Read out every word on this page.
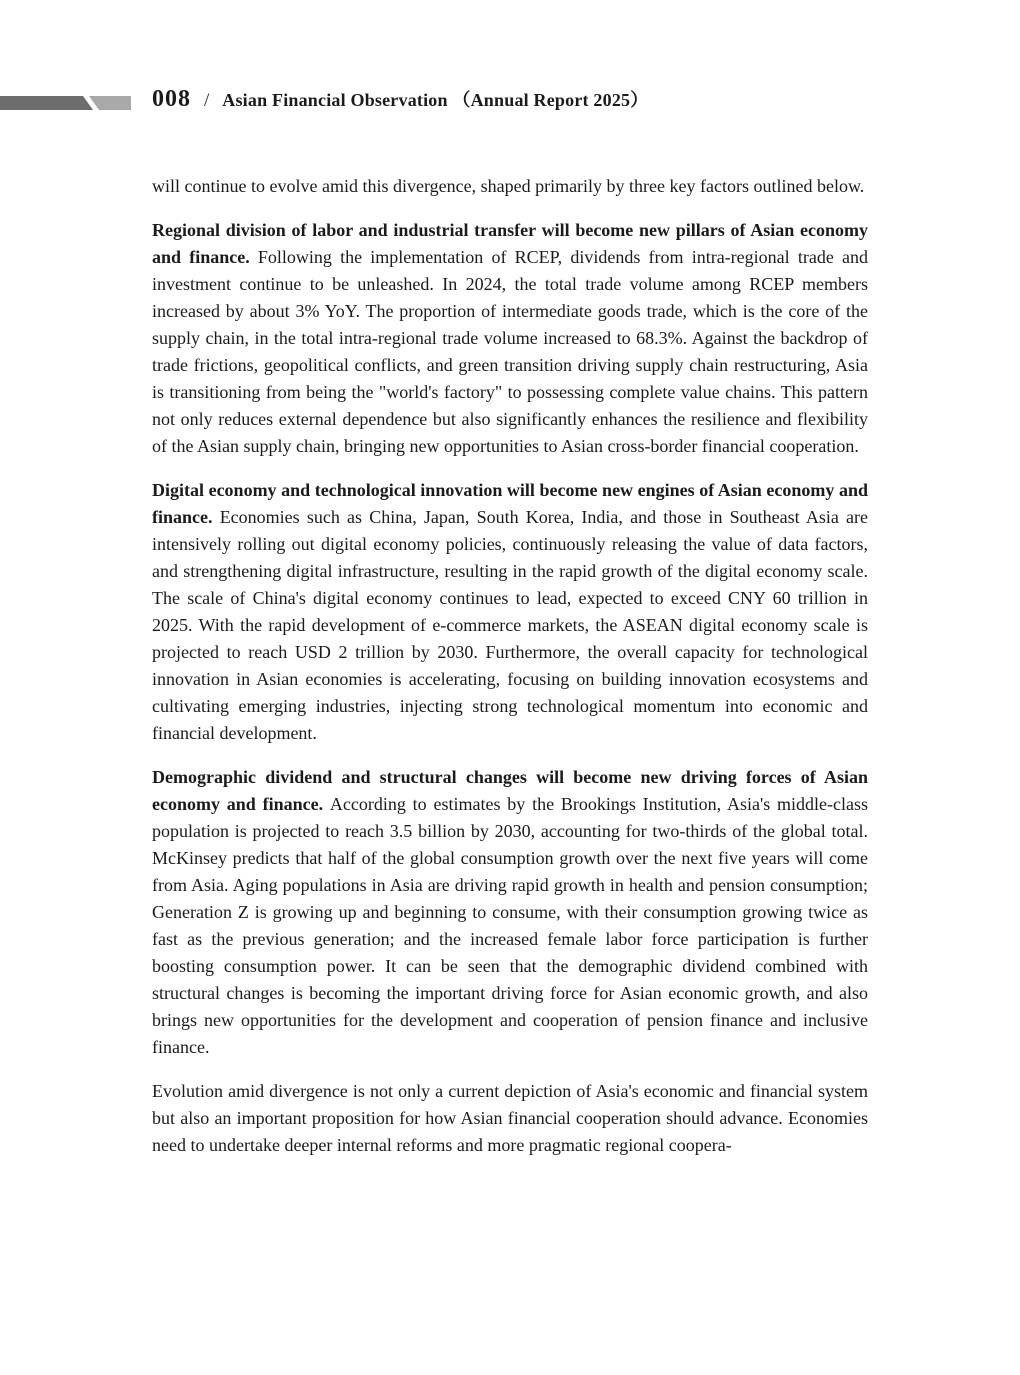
008 / Asian Financial Observation （Annual Report 2025）

will continue to evolve amid this divergence, shaped primarily by three key factors outlined below.

Regional division of labor and industrial transfer will become new pillars of Asian economy and finance. Following the implementation of RCEP, dividends from intra-regional trade and investment continue to be unleashed. In 2024, the total trade volume among RCEP members increased by about 3% YoY. The proportion of intermediate goods trade, which is the core of the supply chain, in the total intra-regional trade volume increased to 68.3%. Against the backdrop of trade frictions, geopolitical conflicts, and green transition driving supply chain restructuring, Asia is transitioning from being the "world's factory" to possessing complete value chains. This pattern not only reduces external dependence but also significantly enhances the resilience and flexibility of the Asian supply chain, bringing new opportunities to Asian cross-border financial cooperation.

Digital economy and technological innovation will become new engines of Asian economy and finance. Economies such as China, Japan, South Korea, India, and those in Southeast Asia are intensively rolling out digital economy policies, continuously releasing the value of data factors, and strengthening digital infrastructure, resulting in the rapid growth of the digital economy scale. The scale of China's digital economy continues to lead, expected to exceed CNY 60 trillion in 2025. With the rapid development of e-commerce markets, the ASEAN digital economy scale is projected to reach USD 2 trillion by 2030. Furthermore, the overall capacity for technological innovation in Asian economies is accelerating, focusing on building innovation ecosystems and cultivating emerging industries, injecting strong technological momentum into economic and financial development.

Demographic dividend and structural changes will become new driving forces of Asian economy and finance. According to estimates by the Brookings Institution, Asia's middle-class population is projected to reach 3.5 billion by 2030, accounting for two-thirds of the global total. McKinsey predicts that half of the global consumption growth over the next five years will come from Asia. Aging populations in Asia are driving rapid growth in health and pension consumption; Generation Z is growing up and beginning to consume, with their consumption growing twice as fast as the previous generation; and the increased female labor force participation is further boosting consumption power. It can be seen that the demographic dividend combined with structural changes is becoming the important driving force for Asian economic growth, and also brings new opportunities for the development and cooperation of pension finance and inclusive finance.

Evolution amid divergence is not only a current depiction of Asia's economic and financial system but also an important proposition for how Asian financial cooperation should advance. Economies need to undertake deeper internal reforms and more pragmatic regional coopera-
